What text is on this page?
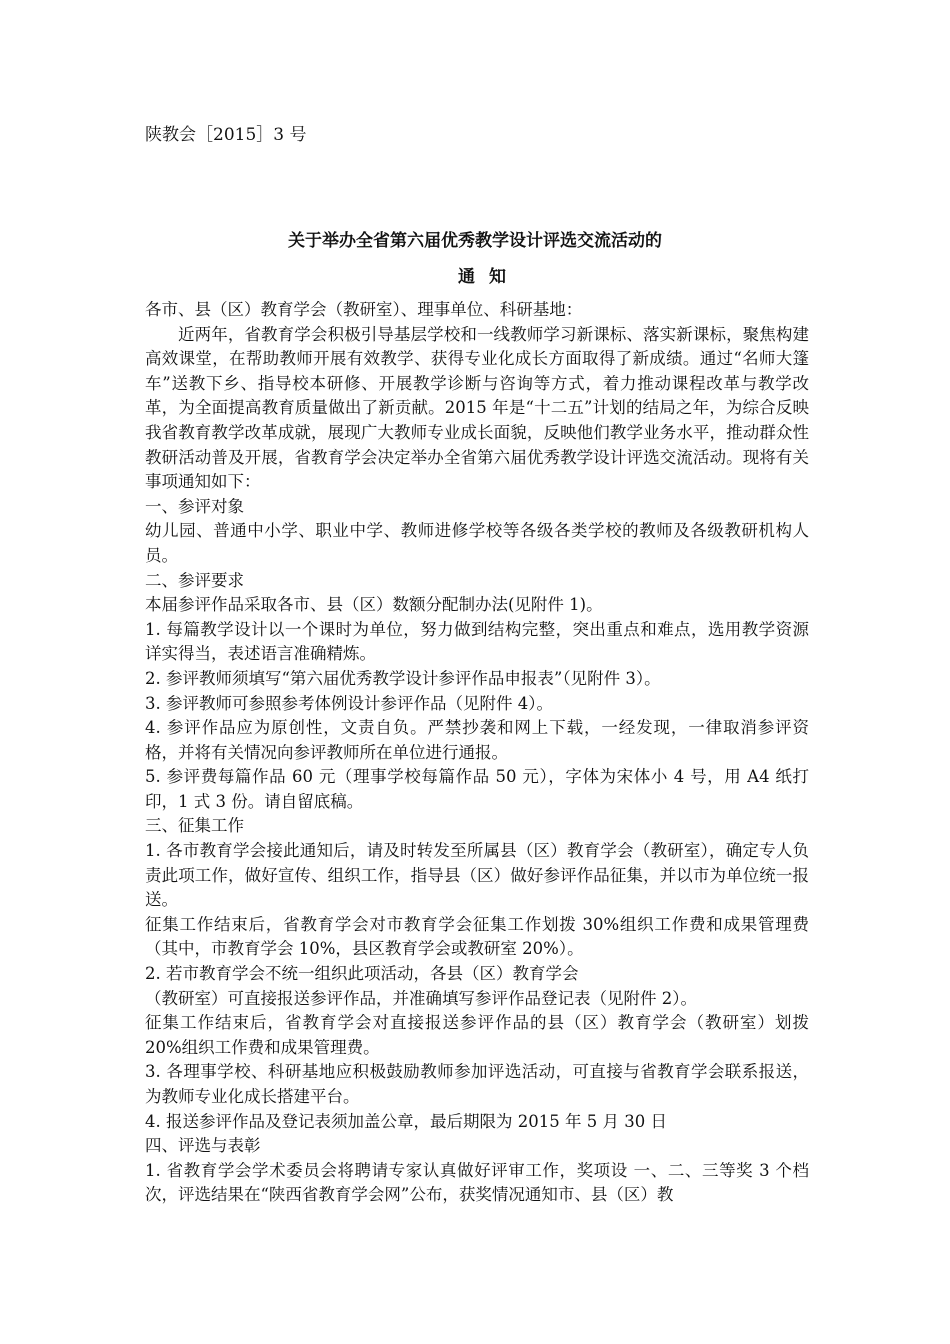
陕教会［2015］3 号
关于举办全省第六届优秀教学设计评选交流活动的
通知

各市、县（区）教育学会（教研室）、理事单位、科研基地：

近两年，省教育学会积极引导基层学校和一线教师学习新课标、落实新课标，聚焦构建高效课堂，在帮助教师开展有效教学、获得专业化成长方面取得了新成绩。通过“名师大篷车”送教下乡、指导校本研修、开展教学诊断与咨询等方式，着力推动课程改革与教学改革，为全面提高教育质量做出了新贡献。2015 年是“十二五”计划的结局之年，为综合反映我省教育教学改革成就，展现广大教师专业成长面貌，反映他们教学业务水平，推动群众性教研活动普及开展，省教育学会决定举办全省第六届优秀教学设计评选交流活动。现将有关事项通知如下：

一、参评对象

幼儿园、普通中小学、职业中学、教师进修学校等各级各类学校的教师及各级教研机构人员。

二、参评要求

本届参评作品采取各市、县（区）数额分配制办法(见附件 1)。

1. 每篇教学设计以一个课时为单位，努力做到结构完整，突出重点和难点，选用教学资源详实得当，表述语言准确精炼。

2. 参评教师须填写“第六届优秀教学设计参评作品申报表”（见附件 3）。

3. 参评教师可参照参考体例设计参评作品（见附件 4）。

4. 参评作品应为原创性，文责自负。严禁抄袭和网上下载，一经发现，一律取消参评资格，并将有关情况向参评教师所在单位进行通报。

5. 参评费每篇作品 60 元（理事学校每篇作品 50 元），字体为宋体小 4 号，用 A4 纸打印，1 式 3 份。请自留底稿。

三、征集工作

1. 各市教育学会接此通知后，请及时转发至所属县（区）教育学会（教研室），确定专人负责此项工作，做好宣传、组织工作，指导县（区）做好参评作品征集，并以市为单位统一报送。

征集工作结束后，省教育学会对市教育学会征集工作划拨 30%组织工作费和成果管理费（其中，市教育学会 10%，县区教育学会或教研室 20%）。

2. 若市教育学会不统一组织此项活动，各县（区）教育学会

（教研室）可直接报送参评作品，并准确填写参评作品登记表（见附件 2）。

征集工作结束后，省教育学会对直接报送参评作品的县（区）教育学会（教研室）划拨 20%组织工作费和成果管理费。

3. 各理事学校、科研基地应积极鼓励教师参加评选活动，可直接与省教育学会联系报送，为教师专业化成长搭建平台。

4. 报送参评作品及登记表须加盖公章，最后期限为 2015 年 5 月 30 日

四、评选与表彰

1. 省教育学会学术委员会将聘请专家认真做好评审工作，奖项设 一、二、三等奖 3 个档次，评选结果在“陕西省教育学会网”公布，获奖情况通知市、县（区）教
